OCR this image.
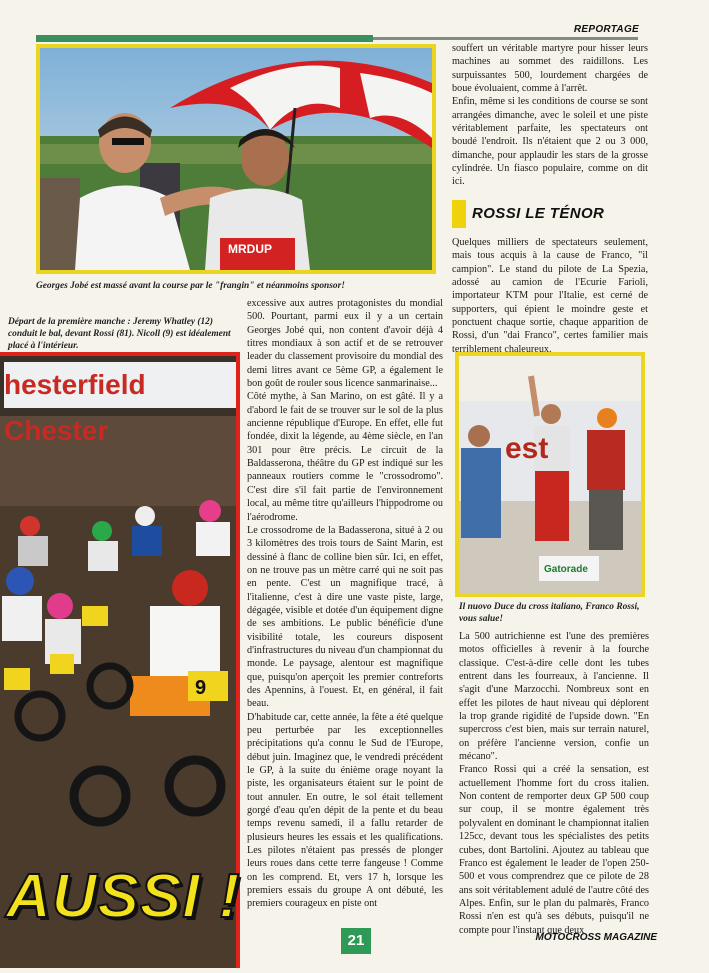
REPORTAGE
MRDUP
Georges Jobé est massé avant la course par le "frangin" et néanmoins sponsor!
Départ de la première manche : Jeremy Whatley (12) conduit le bal, devant Rossi (81). Nicoll (9) est idéalement placé à l'intérieur.
9
hesterfield Chester
AUSSI !

excessive aux autres protagonistes du mondial 500. Pourtant, parmi eux il y a un certain Georges Jobé qui, non content d'avoir déjà 4 titres mondiaux à son actif et de se retrouver leader du classement provisoire du mondial des demi litres avant ce 5ème GP, a également le bon goût de rouler sous licence sanmarinaise...

Côté mythe, à San Marino, on est gâté. Il y a d'abord le fait de se trouver sur le sol de la plus ancienne république d'Europe. En effet, elle fut fondée, dixit la légende, au 4ème siècle, en l'an 301 pour être précis. Le circuit de la Baldasserona, théâtre du GP est indiqué sur les panneaux routiers comme le "crossodromo". C'est dire s'il fait partie de l'environnement local, au même titre qu'ailleurs l'hippodrome ou l'aérodrome.

Le crossodrome de la Badasserona, situé à 2 ou 3 kilomètres des trois tours de Saint Marin, est dessiné à flanc de colline bien sûr. Ici, en effet, on ne trouve pas un mètre carré qui ne soit pas en pente. C'est un magnifique tracé, à l'italienne, c'est à dire une vaste piste, large, dégagée, visible et dotée d'un équipement digne de ses ambitions. Le public bénéficie d'une visibilité totale, les coureurs disposent d'infrastructures du niveau d'un championnat du monde. Le paysage, alentour est magnifique que, puisqu'on aperçoit les premier contreforts des Apennins, à l'ouest. Et, en général, il fait beau.

D'habitude car, cette année, la fête a été quelque peu perturbée par les exceptionnelles précipitations qu'a connu le Sud de l'Europe, début juin. Imaginez que, le vendredi précédent le GP, à la suite du énième orage noyant la piste, les organisateurs étaient sur le point de tout annuler. En outre, le sol était tellement gorgé d'eau qu'en dépit de la pente et du beau temps revenu samedi, il a fallu retarder de plusieurs heures les essais et les qualifications. Les pilotes n'étaient pas pressés de plonger leurs roues dans cette terre fangeuse ! Comme on les comprend. Et, vers 17 h, lorsque les premiers essais du groupe A ont débuté, les premiers courageux en piste ont

souffert un véritable martyre pour hisser leurs machines au sommet des raidillons. Les surpuissantes 500, lourdement chargées de boue évoluaient, comme à l'arrêt.

Enfin, même si les conditions de course se sont arrangées dimanche, avec le soleil et une piste véritablement parfaite, les spectateurs ont boudé l'endroit. Ils n'étaient que 2 ou 3 000, dimanche, pour applaudir les stars de la grosse cylindrée. Un fiasco populaire, comme on dit ici.

ROSSI LE TÉNOR

Quelques milliers de spectateurs seulement, mais tous acquis à la cause de Franco, "il campion". Le stand du pilote de La Spezia, adossé au camion de l'Ecurie Farioli, importateur KTM pour l'Italie, est cerné de supporters, qui épient le moindre geste et ponctuent chaque sortie, chaque apparition de Rossi, d'un "dai Franco", certes familier mais terriblement chaleureux.

Gatorade
est
Il nuovo Duce du cross italiano, Franco Rossi, vous salue!

La 500 autrichienne est l'une des premières motos officielles à revenir à la fourche classique. C'est-à-dire celle dont les tubes entrent dans les fourreaux, à l'ancienne. Il s'agit d'une Marzocchi. Nombreux sont en effet les pilotes de haut niveau qui déplorent la trop grande rigidité de l'upside down. "En supercross c'est bien, mais sur terrain naturel, on préfère l'ancienne version, confie un mécano".

Franco Rossi qui a créé la sensation, est actuellement l'homme fort du cross italien. Non content de remporter deux GP 500 coup sur coup, il se montre également très polyvalent en dominant le championnat italien 125cc, devant tous les spécialistes des petits cubes, dont Bartolini. Ajoutez au tableau que Franco est également le leader de l'open 250-500 et vous comprendrez que ce pilote de 28 ans soit véritablement adulé de l'autre côté des Alpes. Enfin, sur le plan du palmarès, Franco Rossi n'en est qu'à ses débuts, puisqu'il ne compte pour l'instant que deux

21	MOTOCROSS MAGAZINE
